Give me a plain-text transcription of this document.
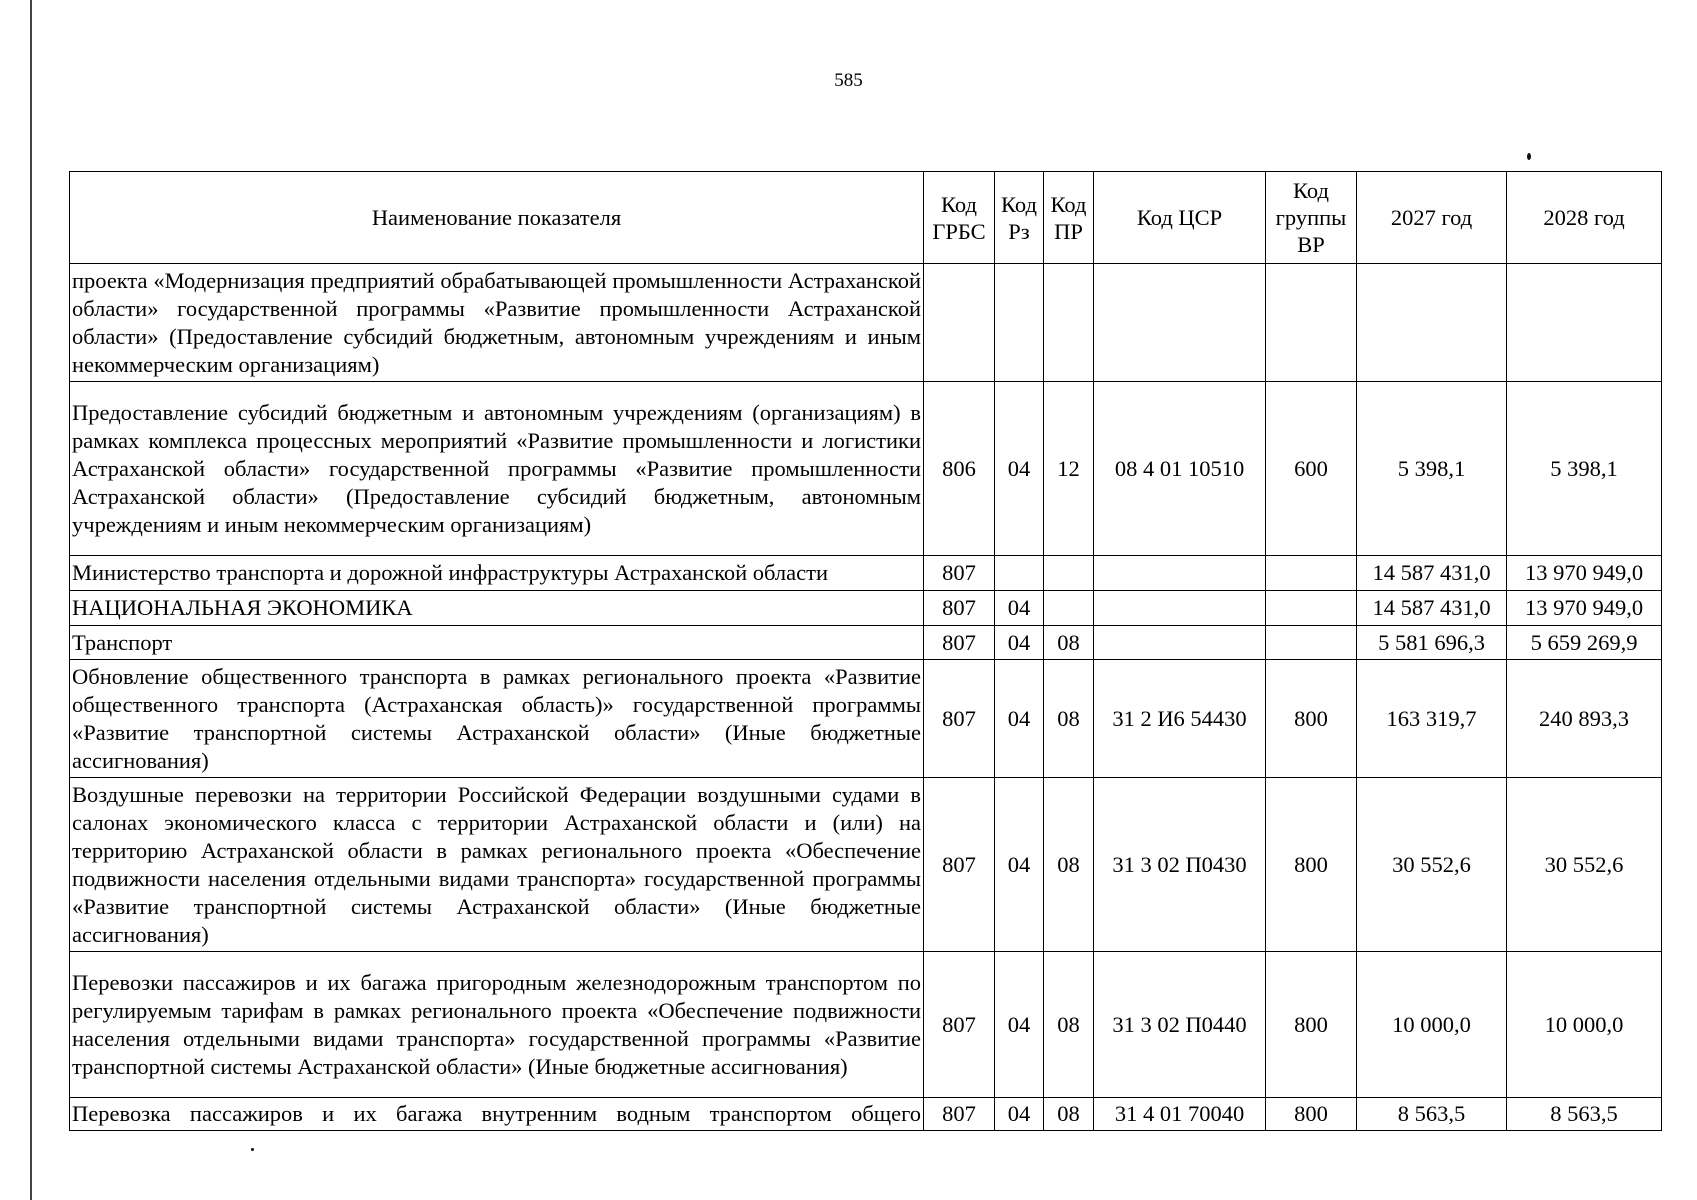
585
Наименование показателя	Код ГРБС	Код Рз	Код ПР	Код ЦСР	Код группы ВР	2027 год	2028 год
проекта «Модернизация предприятий обрабатывающей промышленности Астраханской области» государственной программы «Развитие промышленности Астраханской области» (Предоставление субсидий бюджетным, автономным учреждениям и иным некоммерческим организациям)							
Предоставление субсидий бюджетным и автономным учреждениям (организациям) в рамках комплекса процессных мероприятий «Развитие промышленности и логистики Астраханской области» государственной программы «Развитие промышленности Астраханской области» (Предоставление субсидий бюджетным, автономным учреждениям и иным некоммерческим организациям)	806	04	12	08 4 01 10510	600	5 398,1	5 398,1
Министерство транспорта и дорожной инфраструктуры Астраханской области	807					14 587 431,0	13 970 949,0
НАЦИОНАЛЬНАЯ ЭКОНОМИКА	807	04				14 587 431,0	13 970 949,0
Транспорт	807	04	08			5 581 696,3	5 659 269,9
Обновление общественного транспорта в рамках регионального проекта «Развитие общественного транспорта (Астраханская область)» государственной программы «Развитие транспортной системы Астраханской области» (Иные бюджетные ассигнования)	807	04	08	31 2 И6 54430	800	163 319,7	240 893,3
Воздушные перевозки на территории Российской Федерации воздушными судами в салонах экономического класса с территории Астраханской области и (или) на территорию Астраханской области в рамках регионального проекта «Обеспечение подвижности населения отдельными видами транспорта» государственной программы «Развитие транспортной системы Астраханской области» (Иные бюджетные ассигнования)	807	04	08	31 3 02 П0430	800	30 552,6	30 552,6
Перевозки пассажиров и их багажа пригородным железнодорожным транспортом по регулируемым тарифам в рамках регионального проекта «Обеспечение подвижности населения отдельными видами транспорта» государственной программы «Развитие транспортной системы Астраханской области» (Иные бюджетные ассигнования)	807	04	08	31 3 02 П0440	800	10 000,0	10 000,0
Перевозка пассажиров и их багажа внутренним водным транспортом общего	807	04	08	31 4 01 70040	800	8 563,5	8 563,5
